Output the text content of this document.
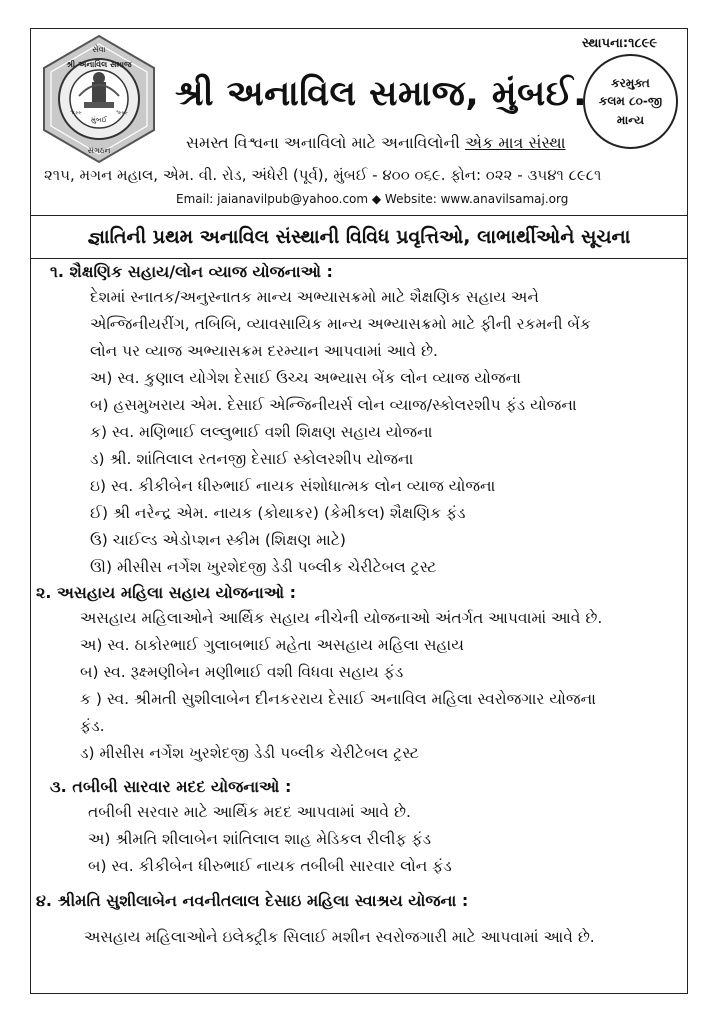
સ્થાપના:૧૮૯૯
સેવા
શ્રી અનાવિલ સમાજ
મુંબઈ
સંગઠન
૧૮૯૯	૧૯૯૯ શ્રી અનાવિલ સમાજ, મુંબઈ.	કરમુક્ત
કલમ ૮૦-જી
માન્ય
સમસ્ત વિશ્વના અનાવિલો માટે અનાવિલોની એક માત્ર સંસ્થા
૨૧૫, મગન મહાલ, એમ. વી. રોડ, અંધેરી (પૂર્વ), મુંબઈ - ૪૦૦ ૦૬૯. ફોન: ૦૨૨ - ૩૫૪૧ ૮૯૮૧
Email: jaianavilpub@yahoo.com ◆ Website: www.anavilsamaj.org
જ્ઞાતિની પ્રથમ અનાવિલ સંસ્થાની વિવિધ પ્રવૃત્તિઓ, લાભાર્થીઓને સૂચના
૧. શૈક્ષણિક સહાય/લોન વ્યાજ યોજનાઓ :
દેશમાં સ્નાતક/અનુસ્નાતક માન્ય અભ્યાસક્રમો માટે શૈક્ષણિક સહાય અને
એન્જિનીયરીંગ, તબિબિ, વ્યાવસાયિક માન્ય અભ્યાસક્રમો માટે ફીની રકમની બેંક
લોન પર વ્યાજ અભ્યાસક્રમ દરમ્યાન આપવામાં આવે છે.
અ) સ્વ. કુણાલ યોગેશ દેસાઈ ઉચ્ચ અભ્યાસ બેંક લોન વ્યાજ યોજના
બ) હસમુખરાય એમ. દેસાઈ એન્જિનીયર્સ લોન વ્યાજ/સ્કોલરશીપ ફંડ યોજના
ક) સ્વ. મણિભાઈ લલ્લુભાઈ વશી શિક્ષણ સહાય યોજના
ડ) શ્રી. શાંતિલાલ રતનજી દેસાઈ સ્કોલરશીપ યોજના
ઇ) સ્વ. કીકીબેન ધીરુભાઈ નાયક સંશોધાત્મક લોન વ્યાજ યોજના
ઈ) શ્રી નરેન્દ્ર એમ. નાયક (કોથાકર) (કેમીકલ) શૈક્ષણિક ફંડ
ઉ) ચાઈલ્ડ એડોપ્શન સ્કીમ (શિક્ષણ માટે)
ઊ) મીસીસ નર્ગેશ ખુરશેદજી ડેડી પબ્લીક ચેરીટેબલ ટ્રસ્ટ
૨. અસહાય મહિલા સહાય યોજનાઓ :
અસહાય મહિલાઓને આર્થિક સહાય નીચેની યોજનાઓ અંતર્ગત આપવામાં આવે છે.
અ) સ્વ. ઠાકોરભાઈ ગુલાબભાઈ મહેતા અસહાય મહિલા સહાય
બ) સ્વ. રૂક્ષ્મણીબેન મણીભાઈ વશી વિધવા સહાય ફંડ
ક ) સ્વ. શ્રીમતી સુશીલાબેન દીનકરરાય દેસાઈ અનાવિલ મહિલા સ્વરોજગાર યોજના
ફંડ.
ડ) મીસીસ નર્ગેશ ખુરશેદજી ડેડી પબ્લીક ચેરીટેબલ ટ્રસ્ટ
૩. તબીબી સારવાર મદદ યોજનાઓ :
તબીબી સરવાર માટે આર્થિક મદદ આપવામાં આવે છે.
અ) શ્રીમતિ શીલાબેન શાંતિલાલ શાહ મેડિકલ રીલીફ ફંડ
બ) સ્વ. કીકીબેન ધીરુભાઈ નાયક તબીબી સારવાર લોન ફંડ
૪. શ્રીમતિ સુશીલાબેન નવનીતલાલ દેસાઇ મહિલા સ્વાશ્રય યોજના :
અસહાય મહિલાઓને ઇલેક્ટ્રીક સિલાઈ મશીન સ્વરોજગારી માટે આપવામાં આવે છે.
